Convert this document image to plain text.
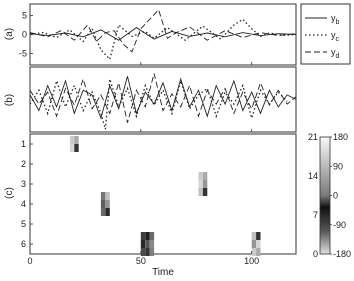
(a)
(b)
(c)
5
0
-5
1
2
3
4
5
6
0	50	100
$y_b$
$y_c$
$y_d$
21
14
7
0
180
90
0
-90
-180
Time
